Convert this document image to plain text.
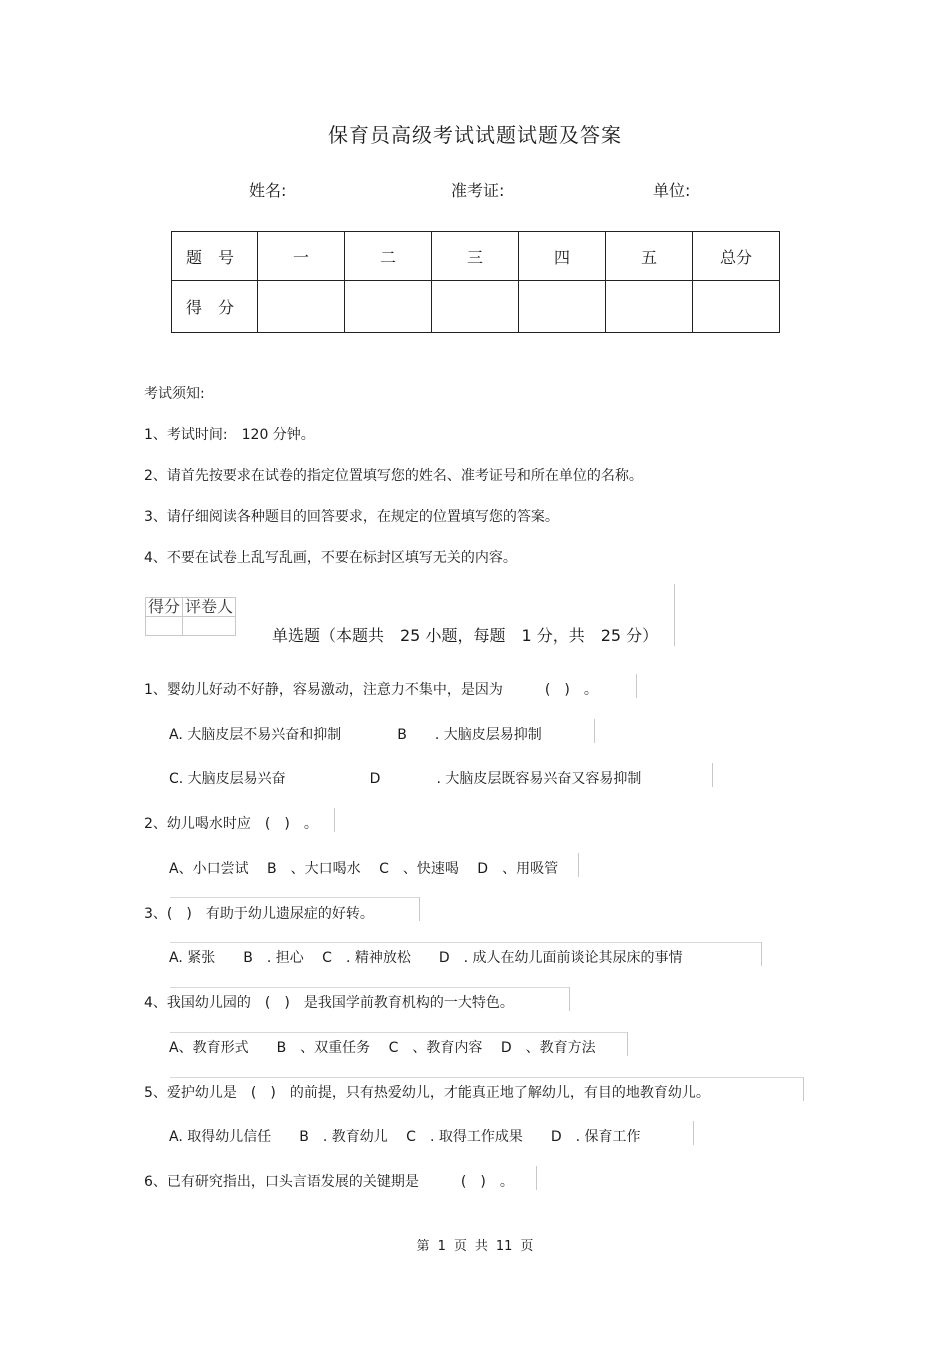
保育员高级考试试题试题及答案
姓名:	准考证:	单位:
题号	一	二	三	四	五	总分
得分						
考试须知:
1、考试时间:　120 分钟。
2、请首先按要求在试卷的指定位置填写您的姓名、准考证号和所在单位的名称。
3、请仔细阅读各种题目的回答要求，在规定的位置填写您的答案。
4、不要在试卷上乱写乱画，不要在标封区填写无关的内容。
得分	评卷人

单选题（本题共　25 小题，每题　1 分，共　25 分）
1、婴幼儿好动不好静，容易激动，注意力不集中，是因为　　　(　)　。
A. 大脑皮层不易兴奋和抑制　　　　B　　. 大脑皮层易抑制
C. 大脑皮层易兴奋　　　　　　D　　　　. 大脑皮层既容易兴奋又容易抑制
2、幼儿喝水时应　(　)　。
A、小口尝试　 B　、大口喝水　 C　、快速喝　 D　、用吸管
3、(　)　有助于幼儿遗尿症的好转。
A. 紧张　　B　. 担心　 C　. 精神放松　　D　. 成人在幼儿面前谈论其尿床的事情
4、我国幼儿园的　(　)　是我国学前教育机构的一大特色。
A、教育形式　　B　、双重任务　 C　、教育内容　 D　、教育方法
5、爱护幼儿是　(　)　的前提，只有热爱幼儿，才能真正地了解幼儿，有目的地教育幼儿。
A. 取得幼儿信任　　B　. 教育幼儿　 C　. 取得工作成果　　D　. 保育工作
6、已有研究指出，口头言语发展的关键期是　　　(　)　。
第 1 页 共 11 页
